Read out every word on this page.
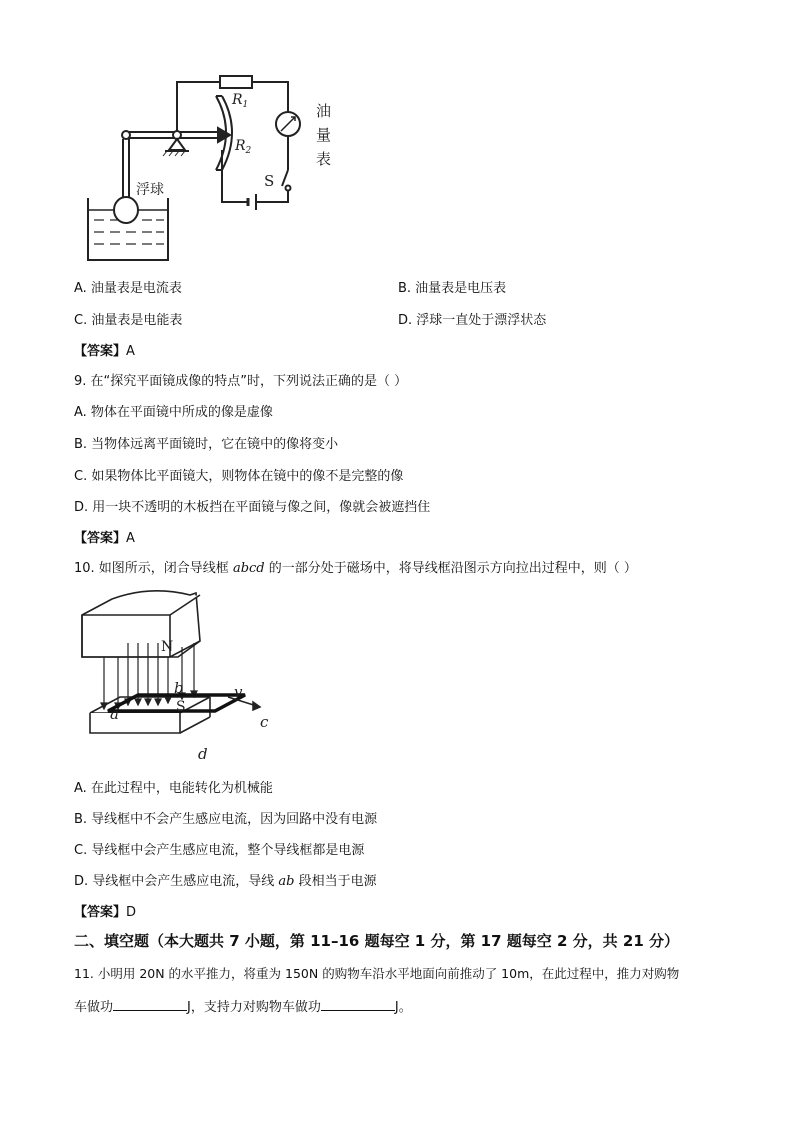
$R_1$
$R_2$
油
量
表
S
浮球
A. 油量表是电流表	B. 油量表是电压表
C. 油量表是电能表	D. 浮球一直处于漂浮状态
【答案】A
9. 在“探究平面镜成像的特点”时，下列说法正确的是（ ）
A. 物体在平面镜中所成的像是虚像
B. 当物体远离平面镜时，它在镜中的像将变小
C. 如果物体比平面镜大，则物体在镜中的像不是完整的像
D. 用一块不透明的木板挡在平面镜与像之间，像就会被遮挡住
【答案】A
10. 如图所示，闭合导线框 abcd 的一部分处于磁场中，将导线框沿图示方向拉出过程中，则（ ）
N
S
a
b
c
d
v
A. 在此过程中，电能转化为机械能
B. 导线框中不会产生感应电流，因为回路中没有电源
C. 导线框中会产生感应电流，整个导线框都是电源
D. 导线框中会产生感应电流，导线 ab 段相当于电源
【答案】D
二、填空题（本大题共 7 小题，第 11–16 题每空 1 分，第 17 题每空 2 分，共 21 分）
11. 小明用 20N 的水平推力，将重为 150N 的购物车沿水平地面向前推动了 10m，在此过程中，推力对购物
车做功	J，支持力对购物车做功	J。
